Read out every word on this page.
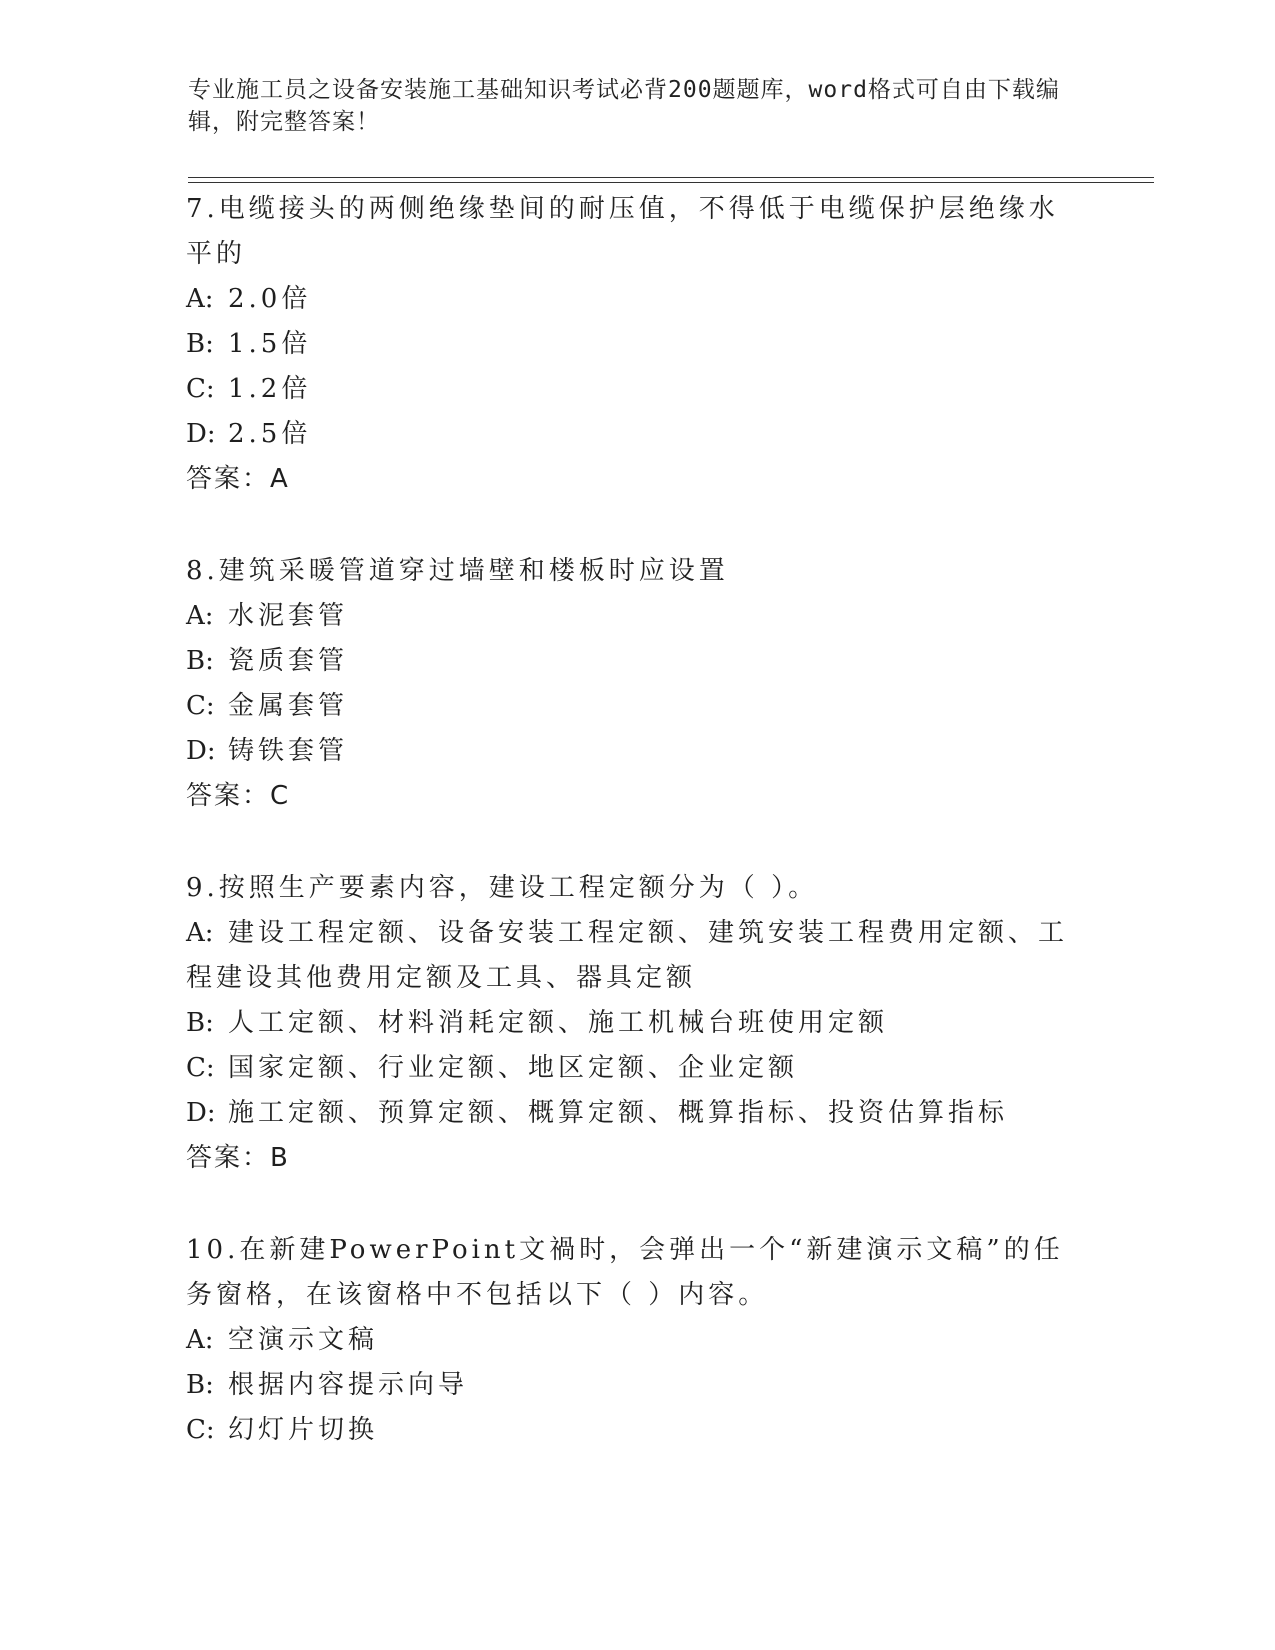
专业施工员之设备安装施工基础知识考试必背200题题库，word格式可自由下载编辑，附完整答案！
7.电缆接头的两侧绝缘垫间的耐压值，不得低于电缆保护层绝缘水平的
A: 2.0倍
B: 1.5倍
C: 1.2倍
D: 2.5倍
答案：A
8.建筑采暖管道穿过墙壁和楼板时应设置
A: 水泥套管
B: 瓷质套管
C: 金属套管
D: 铸铁套管
答案：C
9.按照生产要素内容，建设工程定额分为（ ）。
A: 建设工程定额、设备安装工程定额、建筑安装工程费用定额、工程建设其他费用定额及工具、器具定额
B: 人工定额、材料消耗定额、施工机械台班使用定额
C: 国家定额、行业定额、地区定额、企业定额
D: 施工定额、预算定额、概算定额、概算指标、投资估算指标
答案：B
10.在新建PowerPoint文禍时，会弹出一个“新建演示文稿”的任务窗格，在该窗格中不包括以下（ ）内容。
A: 空演示文稿
B: 根据内容提示向导
C: 幻灯片切换
